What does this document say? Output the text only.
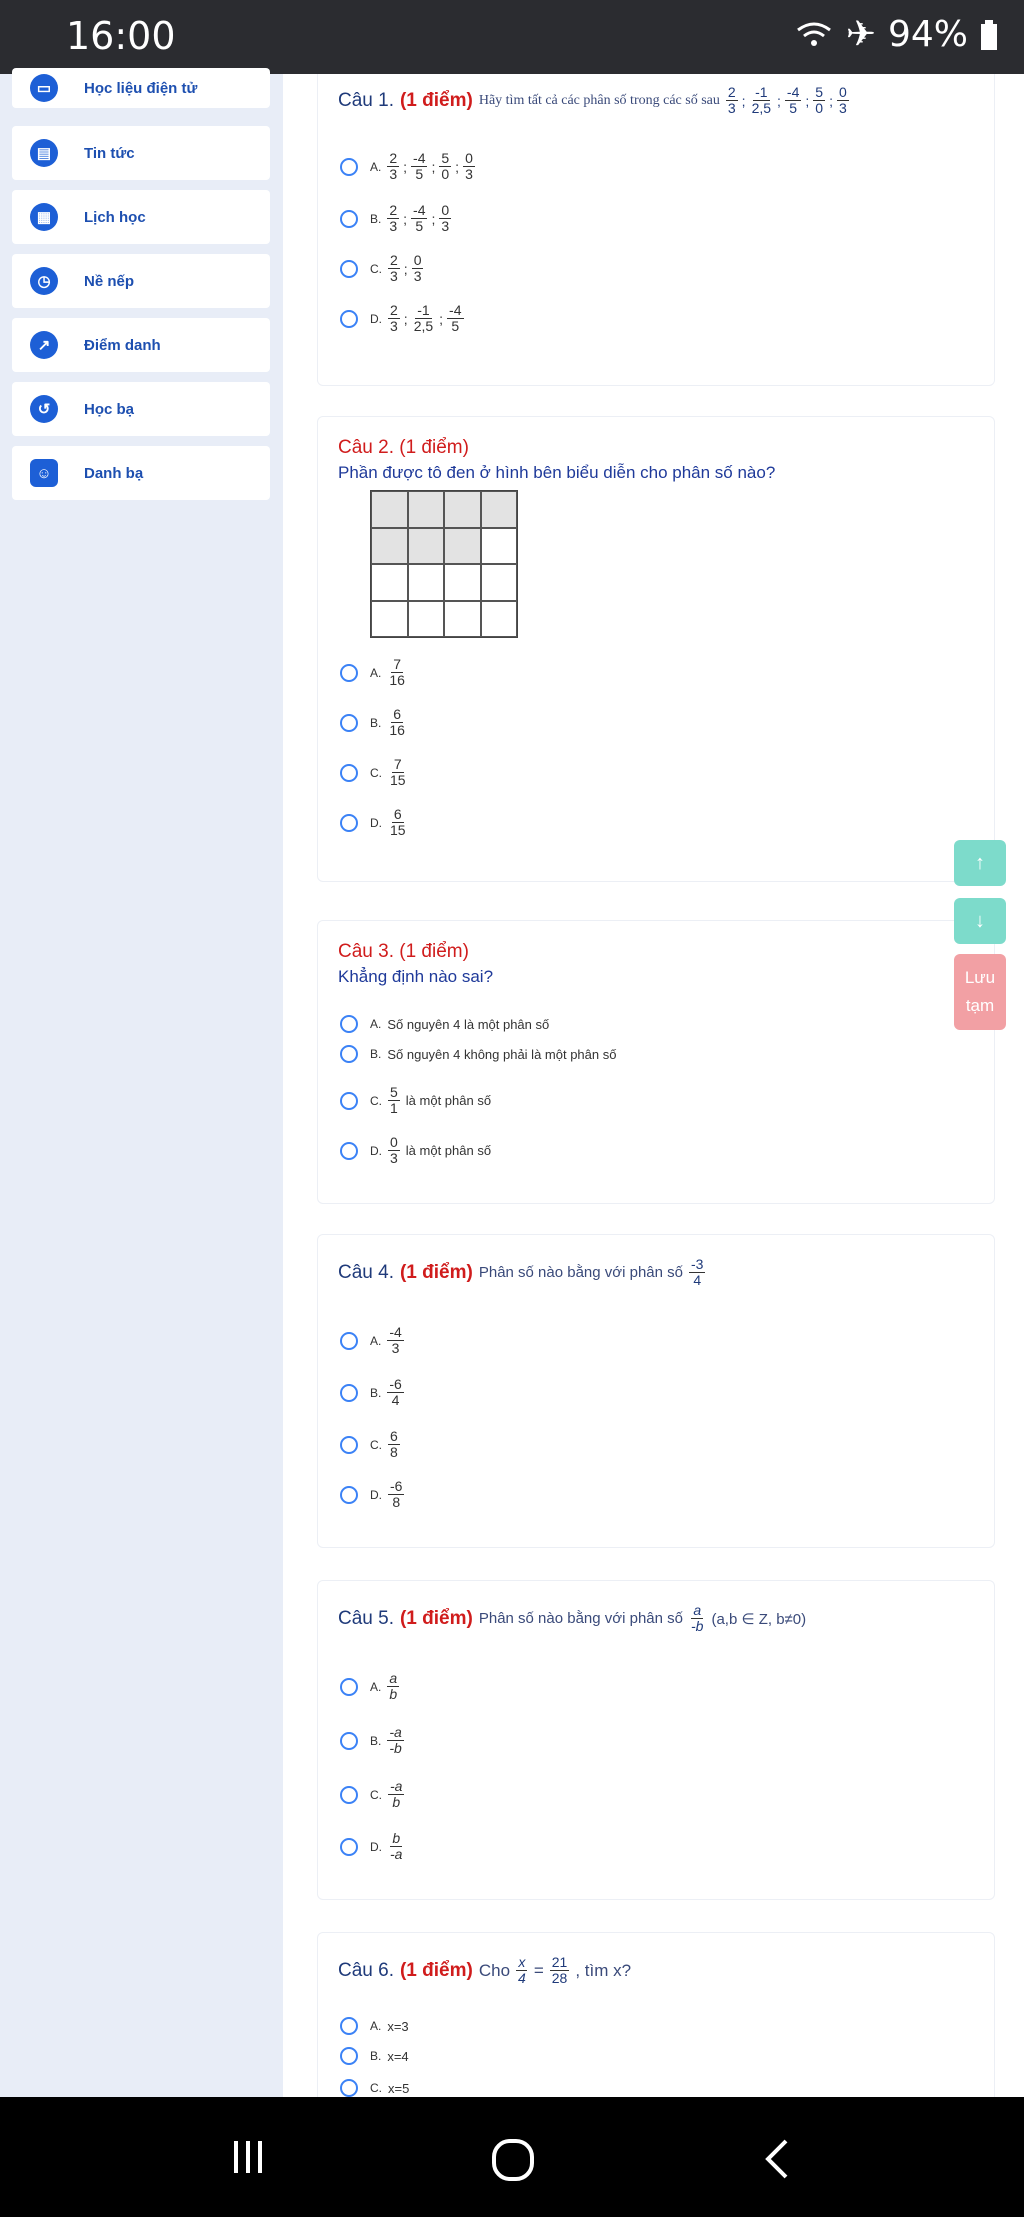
16:00	✈ 94%
▭	Học liệu điện tử
▤	Tin tức
▦	Lịch học
◷	Nề nếp
↗	Điểm danh
↺	Học bạ
☺	Danh bạ
Câu 1. (1 điểm) Hãy tìm tất cả các phân số trong các số sau $\frac{2}{3}$ ; $\frac{-1}{2,5}$ ; $\frac{-4}{5}$ ; $\frac{5}{0}$ ; $\frac{0}{3}$
A. $\frac{2}{3}$ ; $\frac{-4}{5}$ ; $\frac{5}{0}$ ; $\frac{0}{3}$
B. $\frac{2}{3}$ ; $\frac{-4}{5}$ ; $\frac{0}{3}$
C. $\frac{2}{3}$ ; $\frac{0}{3}$
D. $\frac{2}{3}$ ; $\frac{-1}{2,5}$ ; $\frac{-4}{5}$
Câu 2. (1 điểm)
Phần được tô đen ở hình bên biểu diễn cho phân số nào?
A. $\frac{7}{16}$
B. $\frac{6}{16}$
C. $\frac{7}{15}$
D. $\frac{6}{15}$
Câu 3. (1 điểm)
Khẳng định nào sai?
A. Số nguyên 4 là một phân số
B. Số nguyên 4 không phải là một phân số
C. $\frac{5}{1}$ là một phân số
D. $\frac{0}{3}$ là một phân số
Câu 4. (1 điểm) Phân số nào bằng với phân số $\frac{-3}{4}$
A. $\frac{-4}{3}$
B. $\frac{-6}{4}$
C. $\frac{6}{8}$
D. $\frac{-6}{8}$
Câu 5. (1 điểm) Phân số nào bằng với phân số $\frac{a}{-b} (a,b$ ∈ Z, b≠0)
A. $\frac{a}{b}$
B. $\frac{-a}{-b}$
C. $\frac{-a}{b}$
D. $\frac{b}{-a}$
Câu 6. (1 điểm) Cho $\frac{x}{4} = \frac{21}{28}$ , tìm x?
A. x=3
B. x=4
C. x=5
↑
↓
Lưu tạm
